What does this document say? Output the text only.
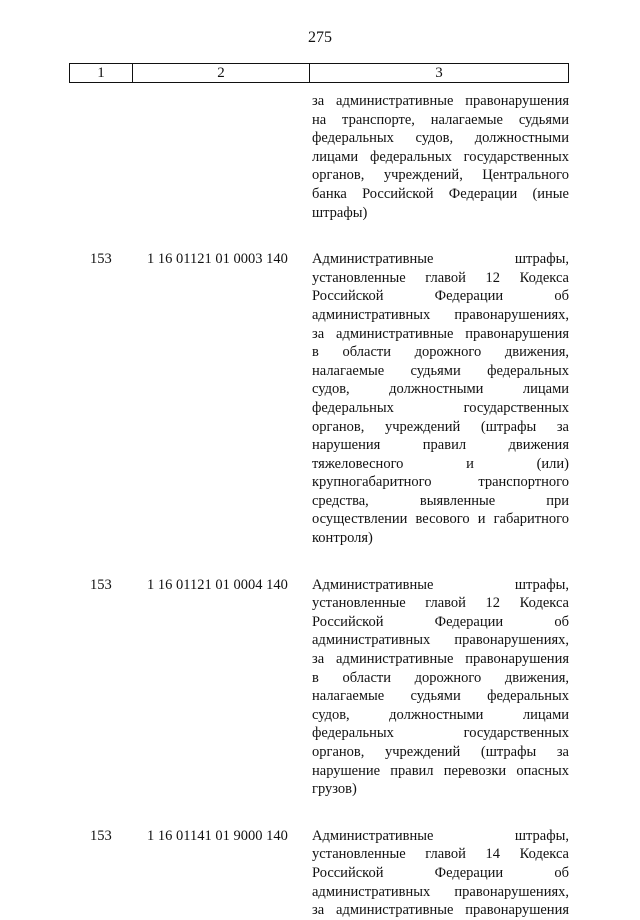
275
1	2	3
за административные правонарушения
на транспорте, налагаемые судьями
федеральных судов, должностными
лицами федеральных государственных
органов, учреждений, Центрального
банка Российской Федерации (иные
штрафы)
153 1 16 01121 01 0003 140 Административные штрафы,
установленные главой 12 Кодекса
Российской Федерации об
административных правонарушениях,
за административные правонарушения
в области дорожного движения,
налагаемые судьями федеральных
судов, должностными лицами
федеральных государственных
органов, учреждений (штрафы за
нарушения правил движения
тяжеловесного и (или)
крупногабаритного транспортного
средства, выявленные при
осуществлении весового и габаритного
контроля)
153 1 16 01121 01 0004 140 Административные штрафы,
установленные главой 12 Кодекса
Российской Федерации об
административных правонарушениях,
за административные правонарушения
в области дорожного движения,
налагаемые судьями федеральных
судов, должностными лицами
федеральных государственных
органов, учреждений (штрафы за
нарушение правил перевозки опасных
грузов)
153 1 16 01141 01 9000 140 Административные штрафы,
установленные главой 14 Кодекса
Российской Федерации об
административных правонарушениях,
за административные правонарушения
